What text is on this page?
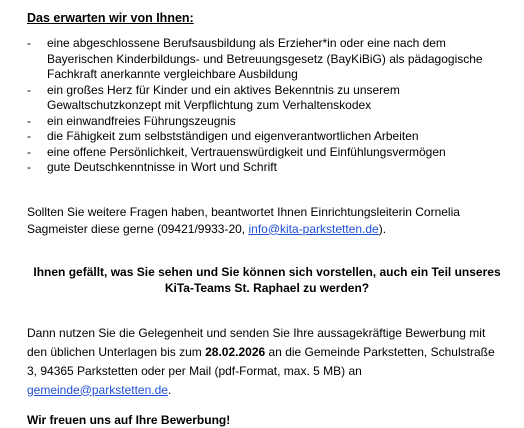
Das erwarten wir von Ihnen:
-	eine abgeschlossene Berufsausbildung als Erzieher*in oder eine nach dem Bayerischen Kinderbildungs- und Betreuungsgesetz (BayKiBiG) als pädagogische Fachkraft anerkannte vergleichbare Ausbildung
-	ein großes Herz für Kinder und ein aktives Bekenntnis zu unserem Gewaltschutzkonzept mit Verpflichtung zum Verhaltenskodex
-	ein einwandfreies Führungszeugnis
-	die Fähigkeit zum selbstständigen und eigenverantwortlichen Arbeiten
-	eine offene Persönlichkeit, Vertrauenswürdigkeit und Einfühlungsvermögen
-	gute Deutschkenntnisse in Wort und Schrift
Sollten Sie weitere Fragen haben, beantwortet Ihnen Einrichtungsleiterin Cornelia Sagmeister diese gerne (09421/9933-20, info@kita-parkstetten.de).
Ihnen gefällt, was Sie sehen und Sie können sich vorstellen, auch ein Teil unseres KiTa-Teams St. Raphael zu werden?
Dann nutzen Sie die Gelegenheit und senden Sie Ihre aussagekräftige Bewerbung mit den üblichen Unterlagen bis zum 28.02.2026 an die Gemeinde Parkstetten, Schulstraße 3, 94365 Parkstetten oder per Mail (pdf-Format, max. 5 MB) an gemeinde@parkstetten.de.
Wir freuen uns auf Ihre Bewerbung!
